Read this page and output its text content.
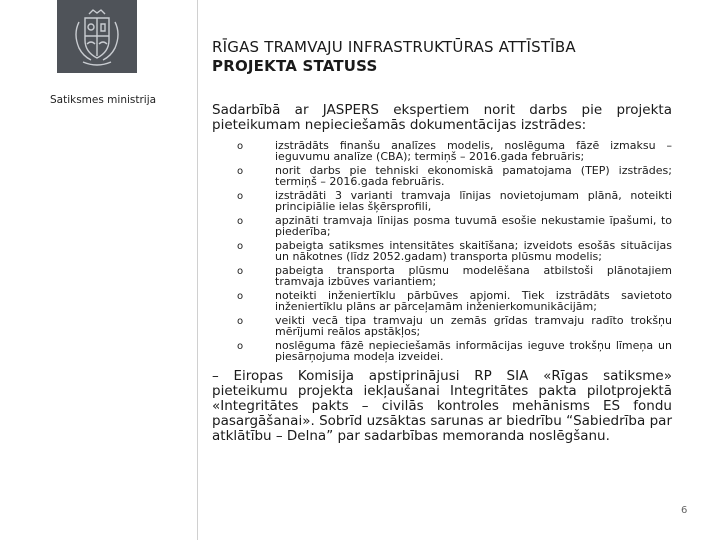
Satiksmes ministrija
RĪGAS TRAMVAJU INFRASTRUKTŪRAS ATTĪSTĪBA
PROJEKTA STATUSS

Sadarbībā ar JASPERS ekspertiem norit darbs pie projekta pieteikumam nepieciešamās dokumentācijas izstrādes:

o	izstrādāts finanšu analīzes modelis, noslēguma fāzē izmaksu – ieguvumu analīze (CBA); termiņš – 2016.gada februāris;
o	norit darbs pie tehniski ekonomiskā pamatojama (TEP) izstrādes; termiņš – 2016.gada februāris.
o	izstrādāti 3 varianti tramvaja līnijas novietojumam plānā, noteikti principiālie ielas šķērsprofili,
o	apzināti tramvaja līnijas posma tuvumā esošie nekustamie īpašumi, to piederība;
o	pabeigta satiksmes intensitātes skaitīšana; izveidots esošās situācijas un nākotnes (līdz 2052.gadam) transporta plūsmu modelis;
o	pabeigta transporta plūsmu modelēšana atbilstoši plānotajiem tramvaja izbūves variantiem;
o	noteikti inženiertīklu pārbūves apjomi. Tiek izstrādāts savietoto inženiertīklu plāns ar pārceļamām inženierkomunikācijām;
o	veikti vecā tipa tramvaju un zemās grīdas tramvaju radīto trokšņu mērījumi reālos apstākļos;
o	noslēguma fāzē nepieciešamās informācijas ieguve trokšņu līmeņa un piesārņojuma modeļa izveidei.

– Eiropas Komisija apstiprinājusi RP SIA «Rīgas satiksme» pieteikumu projekta iekļaušanai Integritātes pakta pilotprojektā «Integritātes pakts – civilās kontroles mehānisms ES fondu pasargāšanai». Sobrīd uzsāktas sarunas ar biedrību “Sabiedrība par atklātību – Delna” par sadarbības memoranda noslēgšanu.

6
